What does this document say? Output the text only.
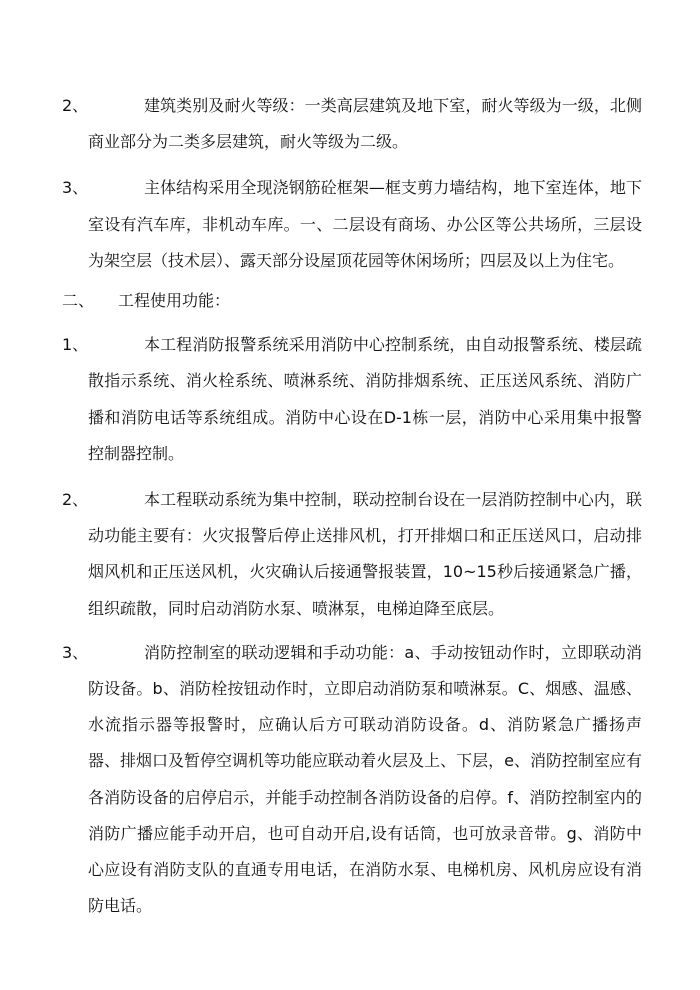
2、	建筑类别及耐火等级：一类高层建筑及地下室，耐火等级为一级，北侧商业部分为二类多层建筑，耐火等级为二级。
3、	主体结构采用全现浇钢筋砼框架—框支剪力墙结构，地下室连体，地下室设有汽车库，非机动车库。一、二层设有商场、办公区等公共场所，三层设为架空层（技术层）、露天部分设屋顶花园等休闲场所；四层及以上为住宅。
二、	工程使用功能：
1、	本工程消防报警系统采用消防中心控制系统，由自动报警系统、楼层疏散指示系统、消火栓系统、喷淋系统、消防排烟系统、正压送风系统、消防广播和消防电话等系统组成。消防中心设在D-1栋一层，消防中心采用集中报警控制器控制。
2、	本工程联动系统为集中控制，联动控制台设在一层消防控制中心内，联动功能主要有：火灾报警后停止送排风机，打开排烟口和正压送风口，启动排烟风机和正压送风机，火灾确认后接通警报装置，10~15秒后接通紧急广播，组织疏散，同时启动消防水泵、喷淋泵，电梯迫降至底层。
3、	消防控制室的联动逻辑和手动功能：a、手动按钮动作时，立即联动消防设备。b、消防栓按钮动作时，立即启动消防泵和喷淋泵。C、烟感、温感、水流指示器等报警时，应确认后方可联动消防设备。d、消防紧急广播扬声器、排烟口及暂停空调机等功能应联动着火层及上、下层，e、消防控制室应有各消防设备的启停启示，并能手动控制各消防设备的启停。f、消防控制室内的消防广播应能手动开启，也可自动开启,设有话筒，也可放录音带。g、消防中心应设有消防支队的直通专用电话，在消防水泵、电梯机房、风机房应设有消防电话。
